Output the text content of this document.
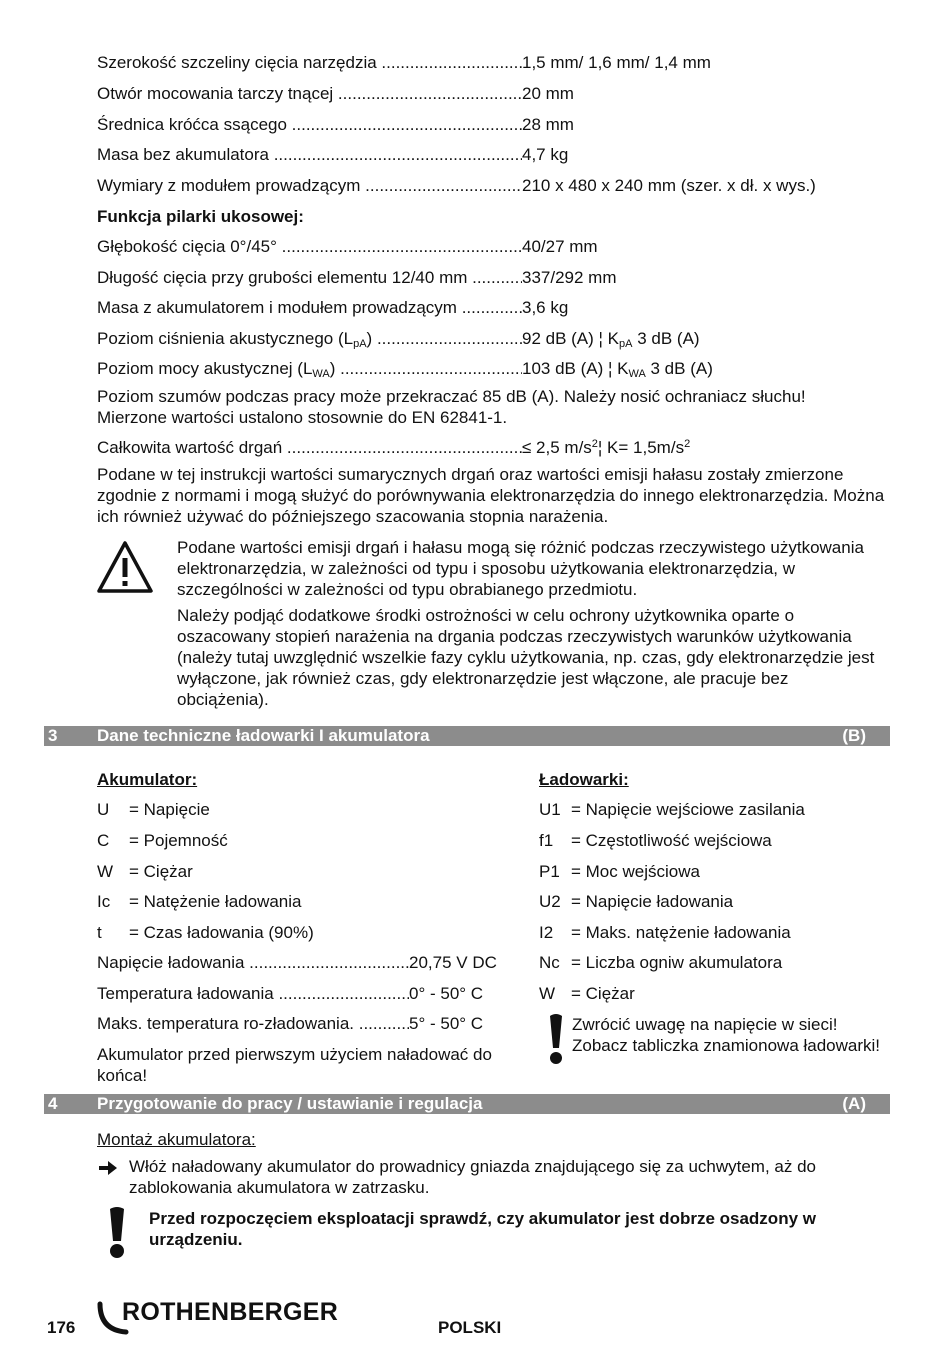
Szerokość szczeliny cięcia narzędzia .....	1,5 mm/ 1,6 mm/ 1,4 mm
Otwór mocowania tarczy tnącej .....	20 mm
Średnica króćca ssącego .....	28 mm
Masa bez akumulatora .....	4,7 kg
Wymiary z modułem prowadzącym .....	210 x 480 x 240 mm (szer. x dł. x wys.)
Funkcja pilarki ukosowej:
Głębokość cięcia 0°/45° .....	40/27 mm
Długość cięcia przy grubości elementu 12/40 mm .....	337/292 mm
Masa z akumulatorem i modułem prowadzącym .....	3,6 kg
Poziom ciśnienia akustycznego $(L_{pA})$ .....	92 dB (A) ¦ $K_{pA}$ 3 dB (A)
Poziom mocy akustycznej $(L_{WA})$ .....	103 dB (A) ¦ $K_{WA}$ 3 dB (A)
Poziom szumów podczas pracy może przekraczać 85 dB (A). Należy nosić ochraniacz słuchu!
Mierzone wartości ustalono stosownie do EN 62841-1.
Całkowita wartość drgań .....	≤ 2,5 $m/s^2¦$ $K= 1,5m/s^2$
Podane w tej instrukcji wartości sumarycznych drgań oraz wartości emisji hałasu zostały zmierzone zgodnie z normami i mogą służyć do porównywania elektronarzędzia do innego elektronarzędzia. Można ich również używać do późniejszego szacowania stopnia narażenia.
Podane wartości emisji drgań i hałasu mogą się różnić podczas rzeczywistego użytkowania elektronarzędzia, w zależności od typu i sposobu użytkowania elektronarzędzia, w szczególności w zależności od typu obrabianego przedmiotu.
Należy podjąć dodatkowe środki ostrożności w celu ochrony użytkownika oparte o oszacowany stopień narażenia na drgania podczas rzeczywistych warunków użytkowania (należy tutaj uwzględnić wszelkie fazy cyklu użytkowania, np. czas, gdy elektronarzędzie jest wyłączone, jak również czas, gdy elektronarzędzie jest włączone, ale pracuje bez obciążenia).
3 Dane techniczne ładowarki I akumulatora	(B)
Akumulator:
U = Napięcie
C = Pojemność
W = Ciężar
Ic = Natężenie ładowania
t = Czas ładowania (90%)
Napięcie ładowania .....	20,75 V DC
Temperatura ładowania .....	0° - 50° C
Maks. temperatura ro-zładowania. .....	5° - 50° C
Akumulator przed pierwszym użyciem naładować do końca!
Ładowarki:
U1 = Napięcie wejściowe zasilania
f1 = Częstotliwość wejściowa
P1 = Moc wejściowa
U2 = Napięcie ładowania
I2 = Maks. natężenie ładowania
Nc = Liczba ogniw akumulatora
W = Ciężar
Zwrócić uwagę na napięcie w sieci!
Zobacz tabliczka znamionowa ładowarki!
4 Przygotowanie do pracy / ustawianie i regulacja	(A)
Montaż akumulatora:
Włóż naładowany akumulator do prowadnicy gniazda znajdującego się za uchwytem, aż do zablokowania akumulatora w zatrzasku.
Przed rozpoczęciem eksploatacji sprawdź, czy akumulator jest dobrze osadzony w urządzeniu.
176
ROTHENBERGER
POLSKI
